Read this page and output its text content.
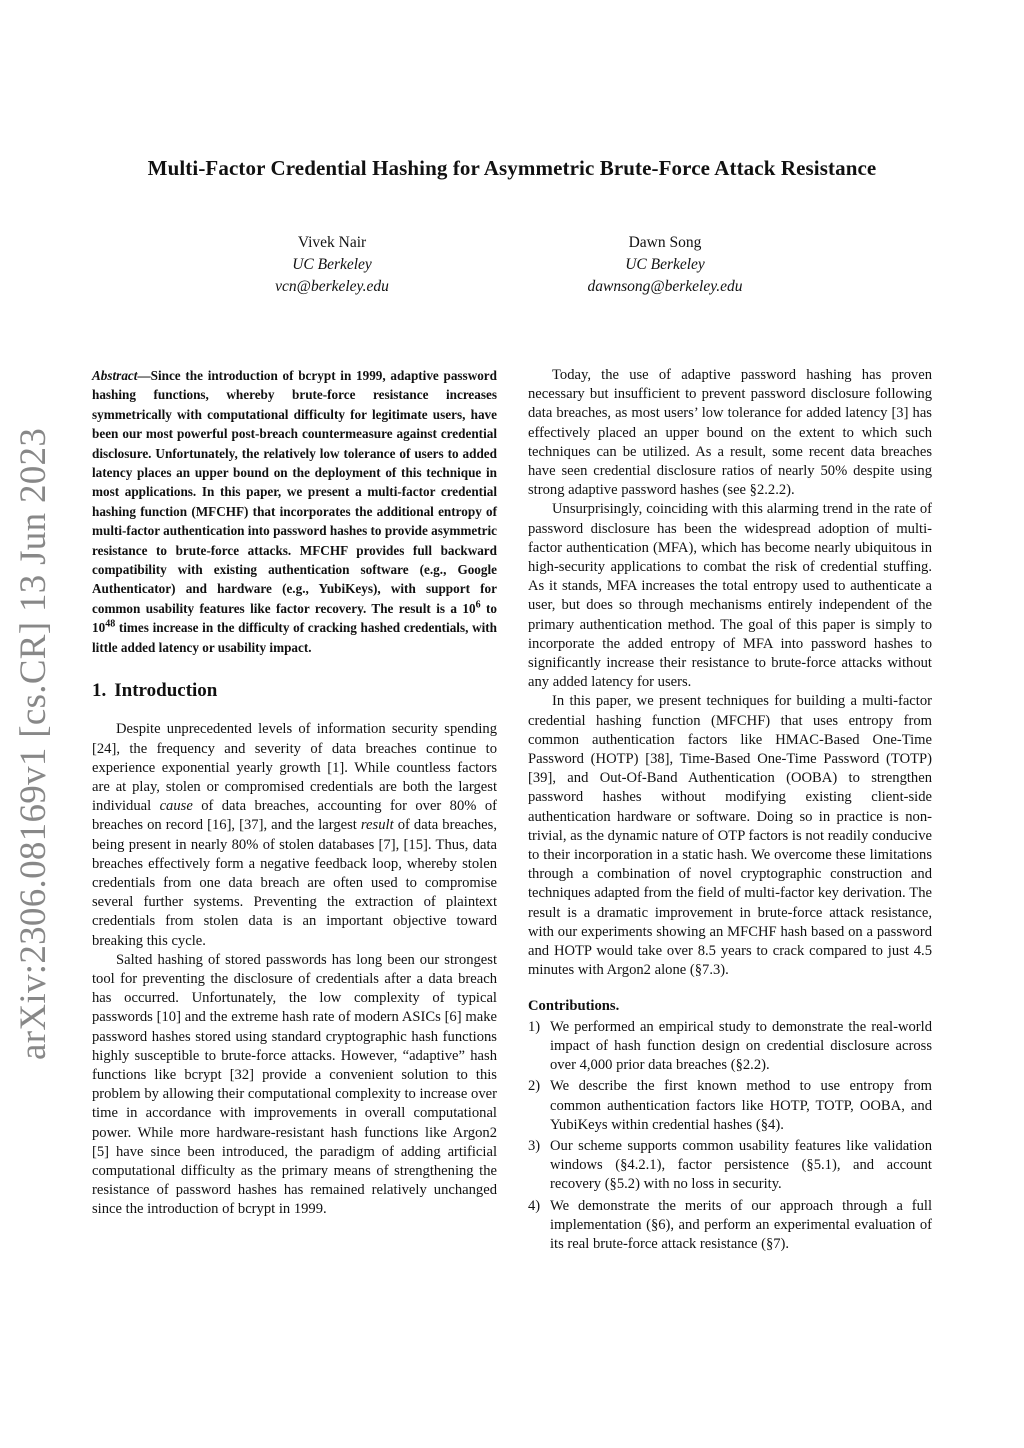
Multi-Factor Credential Hashing for Asymmetric Brute-Force Attack Resistance
Vivek Nair
UC Berkeley
vcn@berkeley.edu
Dawn Song
UC Berkeley
dawnsong@berkeley.edu
arXiv:2306.08169v1 [cs.CR] 13 Jun 2023

Abstract—Since the introduction of bcrypt in 1999, adaptive password hashing functions, whereby brute-force resistance increases symmetrically with computational difficulty for legitimate users, have been our most powerful post-breach countermeasure against credential disclosure. Unfortunately, the relatively low tolerance of users to added latency places an upper bound on the deployment of this technique in most applications. In this paper, we present a multi-factor credential hashing function (MFCHF) that incorporates the additional entropy of multi-factor authentication into password hashes to provide asymmetric resistance to brute-force attacks. MFCHF provides full backward compatibility with existing authentication software (e.g., Google Authenticator) and hardware (e.g., YubiKeys), with support for common usability features like factor recovery. The result is a $10^6$ to $10^{48}$ times increase in the difficulty of cracking hashed credentials, with little added latency or usability impact.

1. Introduction

Despite unprecedented levels of information security spending [24], the frequency and severity of data breaches continue to experience exponential yearly growth [1]. While countless factors are at play, stolen or compromised credentials are both the largest individual cause of data breaches, accounting for over 80% of breaches on record [16], [37], and the largest result of data breaches, being present in nearly 80% of stolen databases [7], [15]. Thus, data breaches effectively form a negative feedback loop, whereby stolen credentials from one data breach are often used to compromise several further systems. Preventing the extraction of plaintext credentials from stolen data is an important objective toward breaking this cycle.

Salted hashing of stored passwords has long been our strongest tool for preventing the disclosure of credentials after a data breach has occurred. Unfortunately, the low complexity of typical passwords [10] and the extreme hash rate of modern ASICs [6] make password hashes stored using standard cryptographic hash functions highly susceptible to brute-force attacks. However, “adaptive” hash functions like bcrypt [32] provide a convenient solution to this problem by allowing their computational complexity to increase over time in accordance with improvements in overall computational power. While more hardware-resistant hash functions like Argon2 [5] have since been introduced, the paradigm of adding artificial computational difficulty as the primary means of strengthening the resistance of password hashes has remained relatively unchanged since the introduction of bcrypt in 1999.

Today, the use of adaptive password hashing has proven necessary but insufficient to prevent password disclosure following data breaches, as most users’ low tolerance for added latency [3] has effectively placed an upper bound on the extent to which such techniques can be utilized. As a result, some recent data breaches have seen credential disclosure ratios of nearly 50% despite using strong adaptive password hashes (see §2.2.2).

Unsurprisingly, coinciding with this alarming trend in the rate of password disclosure has been the widespread adoption of multi-factor authentication (MFA), which has become nearly ubiquitous in high-security applications to combat the risk of credential stuffing. As it stands, MFA increases the total entropy used to authenticate a user, but does so through mechanisms entirely independent of the primary authentication method. The goal of this paper is simply to incorporate the added entropy of MFA into password hashes to significantly increase their resistance to brute-force attacks without any added latency for users.

In this paper, we present techniques for building a multi-factor credential hashing function (MFCHF) that uses entropy from common authentication factors like HMAC-Based One-Time Password (HOTP) [38], Time-Based One-Time Password (TOTP) [39], and Out-Of-Band Authentication (OOBA) to strengthen password hashes without modifying existing client-side authentication hardware or software. Doing so in practice is non-trivial, as the dynamic nature of OTP factors is not readily conducive to their incorporation in a static hash. We overcome these limitations through a combination of novel cryptographic construction and techniques adapted from the field of multi-factor key derivation. The result is a dramatic improvement in brute-force attack resistance, with our experiments showing an MFCHF hash based on a password and HOTP would take over 8.5 years to crack compared to just 4.5 minutes with Argon2 alone (§7.3).

Contributions.
1) We performed an empirical study to demonstrate the real-world impact of hash function design on credential disclosure across over 4,000 prior data breaches (§2.2).
2) We describe the first known method to use entropy from common authentication factors like HOTP, TOTP, OOBA, and YubiKeys within credential hashes (§4).
3) Our scheme supports common usability features like validation windows (§4.2.1), factor persistence (§5.1), and account recovery (§5.2) with no loss in security.
4) We demonstrate the merits of our approach through a full implementation (§6), and perform an experimental evaluation of its real brute-force attack resistance (§7).
